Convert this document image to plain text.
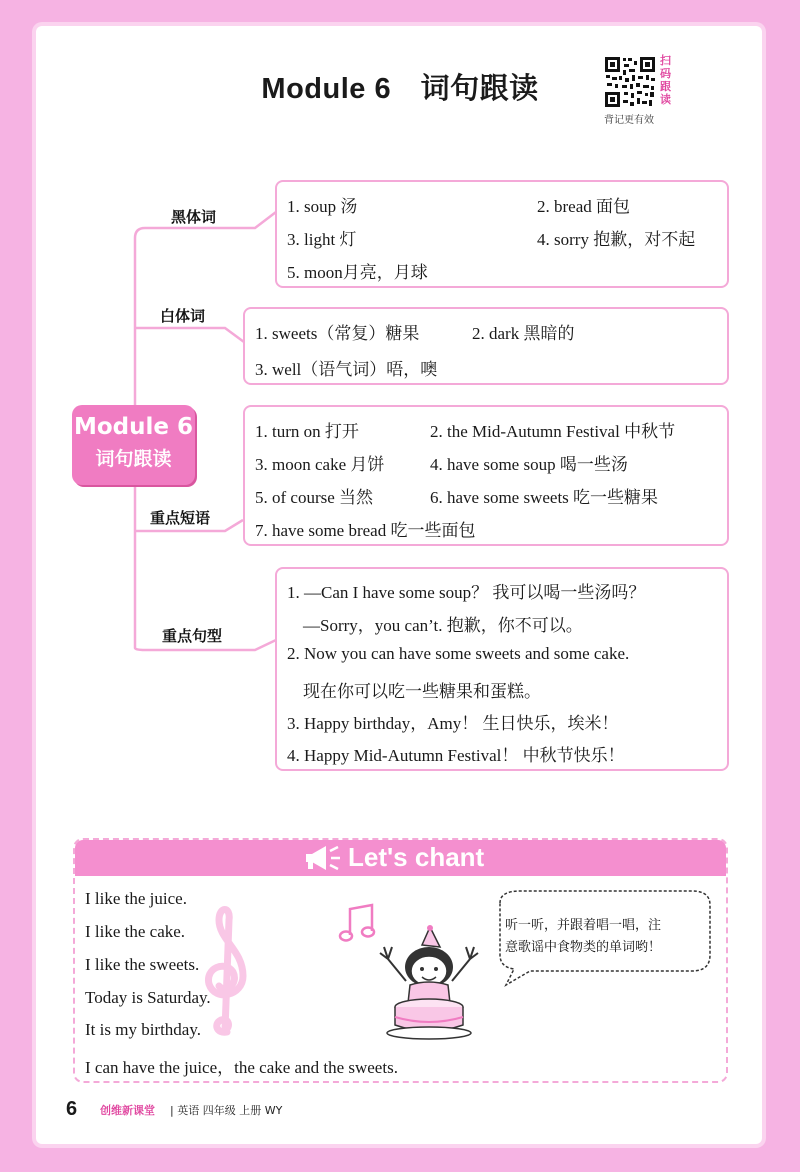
Module 6　词句跟读
扫
码
跟
读
背记更有效
黑体词
白体词
重点短语
重点句型
Module 6
词句跟读
1. soup 汤	2. bread 面包
3. light 灯	4. sorry 抱歉，对不起
5. moon月亮，月球
1. sweets（常复）糖果	2. dark 黑暗的
3. well（语气词）唔，噢
1. turn on 打开	2. the Mid-Autumn Festival 中秋节
3. moon cake 月饼	4. have some soup 喝一些汤
5. of course 当然	6. have some sweets 吃一些糖果
7. have some bread 吃一些面包
1. —Can I have some soup？ 我可以喝一些汤吗？
—Sorry，you can’t. 抱歉，你不可以。
2. Now you can have some sweets and some cake.
现在你可以吃一些糖果和蛋糕。
3. Happy birthday，Amy！ 生日快乐，埃米！
4. Happy Mid-Autumn Festival！ 中秋节快乐！
Let's chant
听一听，并跟着唱一唱，注
意歌谣中食物类的单词哟！
I like the juice.
I like the cake.
I like the sweets.
Today is Saturday.
It is my birthday.
I can have the juice，the cake and the sweets.
6 创维新课堂 | 英语 四年级 上册 WY
